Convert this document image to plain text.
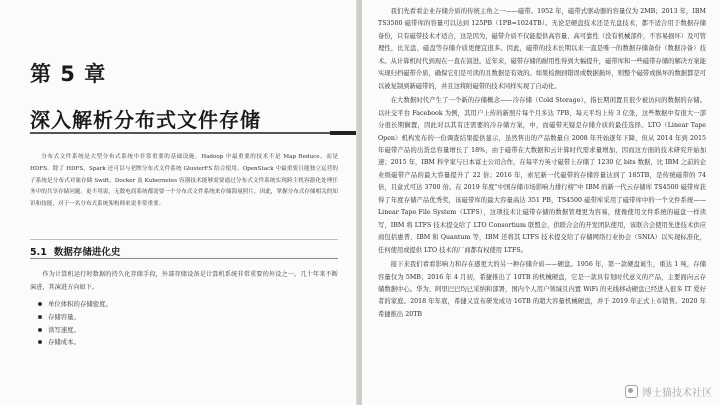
第 5 章
深入解析分布式文件存储

分布式文件系统是大型分布式系统中非常重要的基础设施。Hadoop 中最重要的技术不是 Map Reduce，而是 HDFS。除了 HDFS，Spark 还可以与老牌分布式文件系统 GlusterFS 结合使用。OpenStack 中最重要且能独立运营的子系统是分布式对象存储 Swift。Docker 及 Kubernetes 容器技术能够需要通过分布式文件系统实现跨主机容器化处理任务中的共享存储问题。更不用说，无数电商系统都需要一个分布式文件系统来存储海量照片，因此，掌握分布式存储相关的知识和技能，对于一名分布式系统架构师来说非常重要。

5.1 数据存储进化史

作为计算机运行时数据的持久化存储手段，外部存储设备是计算机系统非常重要的外设之一。几十年来不断演进，其演进方向如下。

单位体积的存储密度。
存储容量。
读写速度。
存储成本。

我们先看看企业存储介质的传统主角之一——磁带。1952 年，磁带式驱动器的容量仅为 2MB；2013 年，IBM TS3500 磁带库的容量可以达到 125PB（1PB=1024TB）。无论是硬盘技术还是光盘技术，都不适合用于数据存储备份，只有磁带技术才适合，这是因为，磁带介质不仅能提供高容量、高可靠性（没有机械部件，不容易损坏）及可管理性，比光盘、磁盘等存储介质更便宜很多。因此，磁带的技术长期以来一直是唯一的数据存储备份（数据冷备）技术。从计算机时代到现在一直在演进。近年来，磁带存储的耐用性得到大幅提升，磁带库和一些磁带存储的解决方案能实现归档磁带介质，确保它们是可读的且数据是有效的。如果检测到错误或数据损坏，则整个磁带或损坏的数据都是可以被复制到新磁带的，并且这将附磁带的技术同样实现了自动化。

在大数据时代产生了一个新的存储概念——冷存储（Cold Storage），指长期闲置且很少被访问的数据的存储。以社交平台 Facebook 为例，其用户上传的新照片每个月多达 7PB，每天平均上传 3 亿张，这些数据中有很大一部分很长期搁置，因此对以其有还需要的冷存储方案，中，而磁带无疑是存储介质的最佳选择。LTO（Linear Tape Open）机构发布的一份调查结果提供显示，虽然售出的产品数量自 2008 年开始逐年下降，但从 2014 年到 2015 年磁带产品的出货总容量增长了 18%，由于磁带在大数据和云计算时代需求量增加，因而这方面的技术研究开始加速；2015 年，IBM 科学家与日本富士公司合作，在每平方英寸磁带上存储了 1230 亿 bits 数据，比 IBM 之前的企业级磁带产品的最大容量提升了 22 倍；2016 年，索尼新一代磁带的存储容量达到了 185TB，是传统磁带的 74 倍，且盒式可达 3700 倍。在 2019 年度“中国存储市场影响力排行榜”中 IBM 的新一代云存储库 TS4500 磁带库获得了年度存储产品优秀奖，该磁带库的最大容量高达 351 PB，TS4500 磁带库采用了磁带库中的一个文件系统——Linear Tape File System（LTFS），这项技术让磁带存储的数据管理更为容易，使像使用文件系统的磁盘一样读写，IBM 将 LTFS 技术提交给了 LTO Consortium 联盟会，供联合会的开发团队使用，该联合会使用先进技术供应商包括惠普、IBM 和 Quantum 等，IBM 还将其 LTFS 技术提交给了存储网络行业协会（SNIA）以实现标准化，任何使用或提供 LTO 技术的厂商都有权使用 LTFS。

接下来我们看看影响力和存在感更大的另一种存储介质——硬盘。1956 年，第一款硬盘诞生，重达 1 吨，存储容量仅为 5MB；2016 年 4 月初，希捷推出了 10TB 的机械硬盘，它是一款具有划时代意义的产品，主要面向云存储数据中心。华为、阿里巴巴均已采纳和部署，国内个人用户领域且内置 WiFi 的无线移动硬盘已经进入很多 IT 爱好者的家庭。2018 年年底，希捷又宣布研发成功 16TB 的超大容量机械硬盘，并于 2019 年正式上市销售。2020 年希捷推出 20TB

博士猫技术社区
